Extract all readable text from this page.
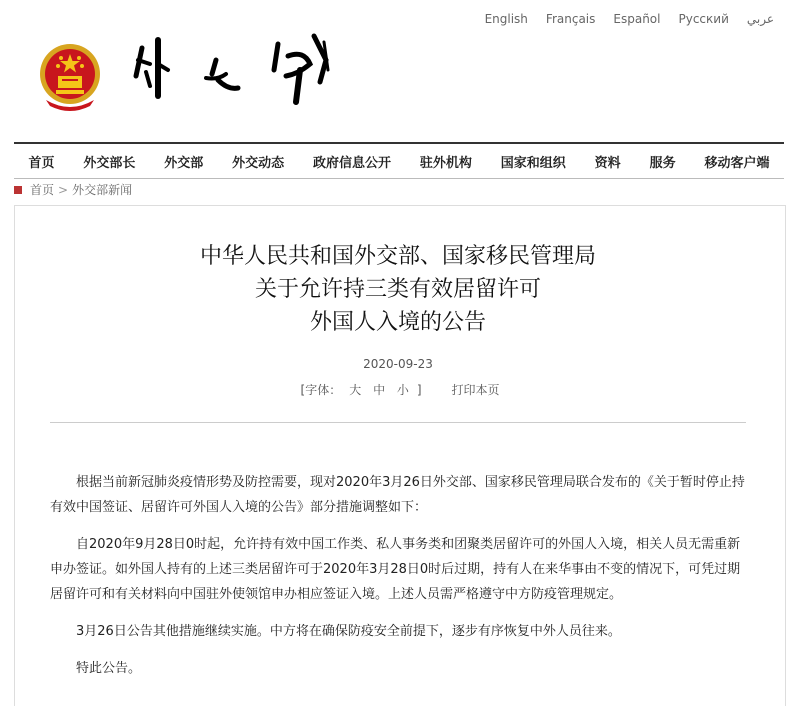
English Français Español Русский عربي
首页 外交部长 外交部 外交动态 政府信息公开 驻外机构 国家和组织 资料 服务 移动客户端
首页 > 外交部新闻
中华人民共和国外交部、国家移民管理局
关于允许持三类有效居留许可
外国人入境的公告
2020-09-23
[字体： 大 中 小 ] 打印本页

根据当前新冠肺炎疫情形势及防控需要，现对2020年3月26日外交部、国家移民管理局联合发布的《关于暂时停止持有效中国签证、居留许可外国人入境的公告》部分措施调整如下：

自2020年9月28日0时起，允许持有效中国工作类、私人事务类和团聚类居留许可的外国人入境，相关人员无需重新申办签证。如外国人持有的上述三类居留许可于2020年3月28日0时后过期，持有人在来华事由不变的情况下，可凭过期居留许可和有关材料向中国驻外使领馆申办相应签证入境。上述人员需严格遵守中方防疫管理规定。

3月26日公告其他措施继续实施。中方将在确保防疫安全前提下，逐步有序恢复中外人员往来。

特此公告。
